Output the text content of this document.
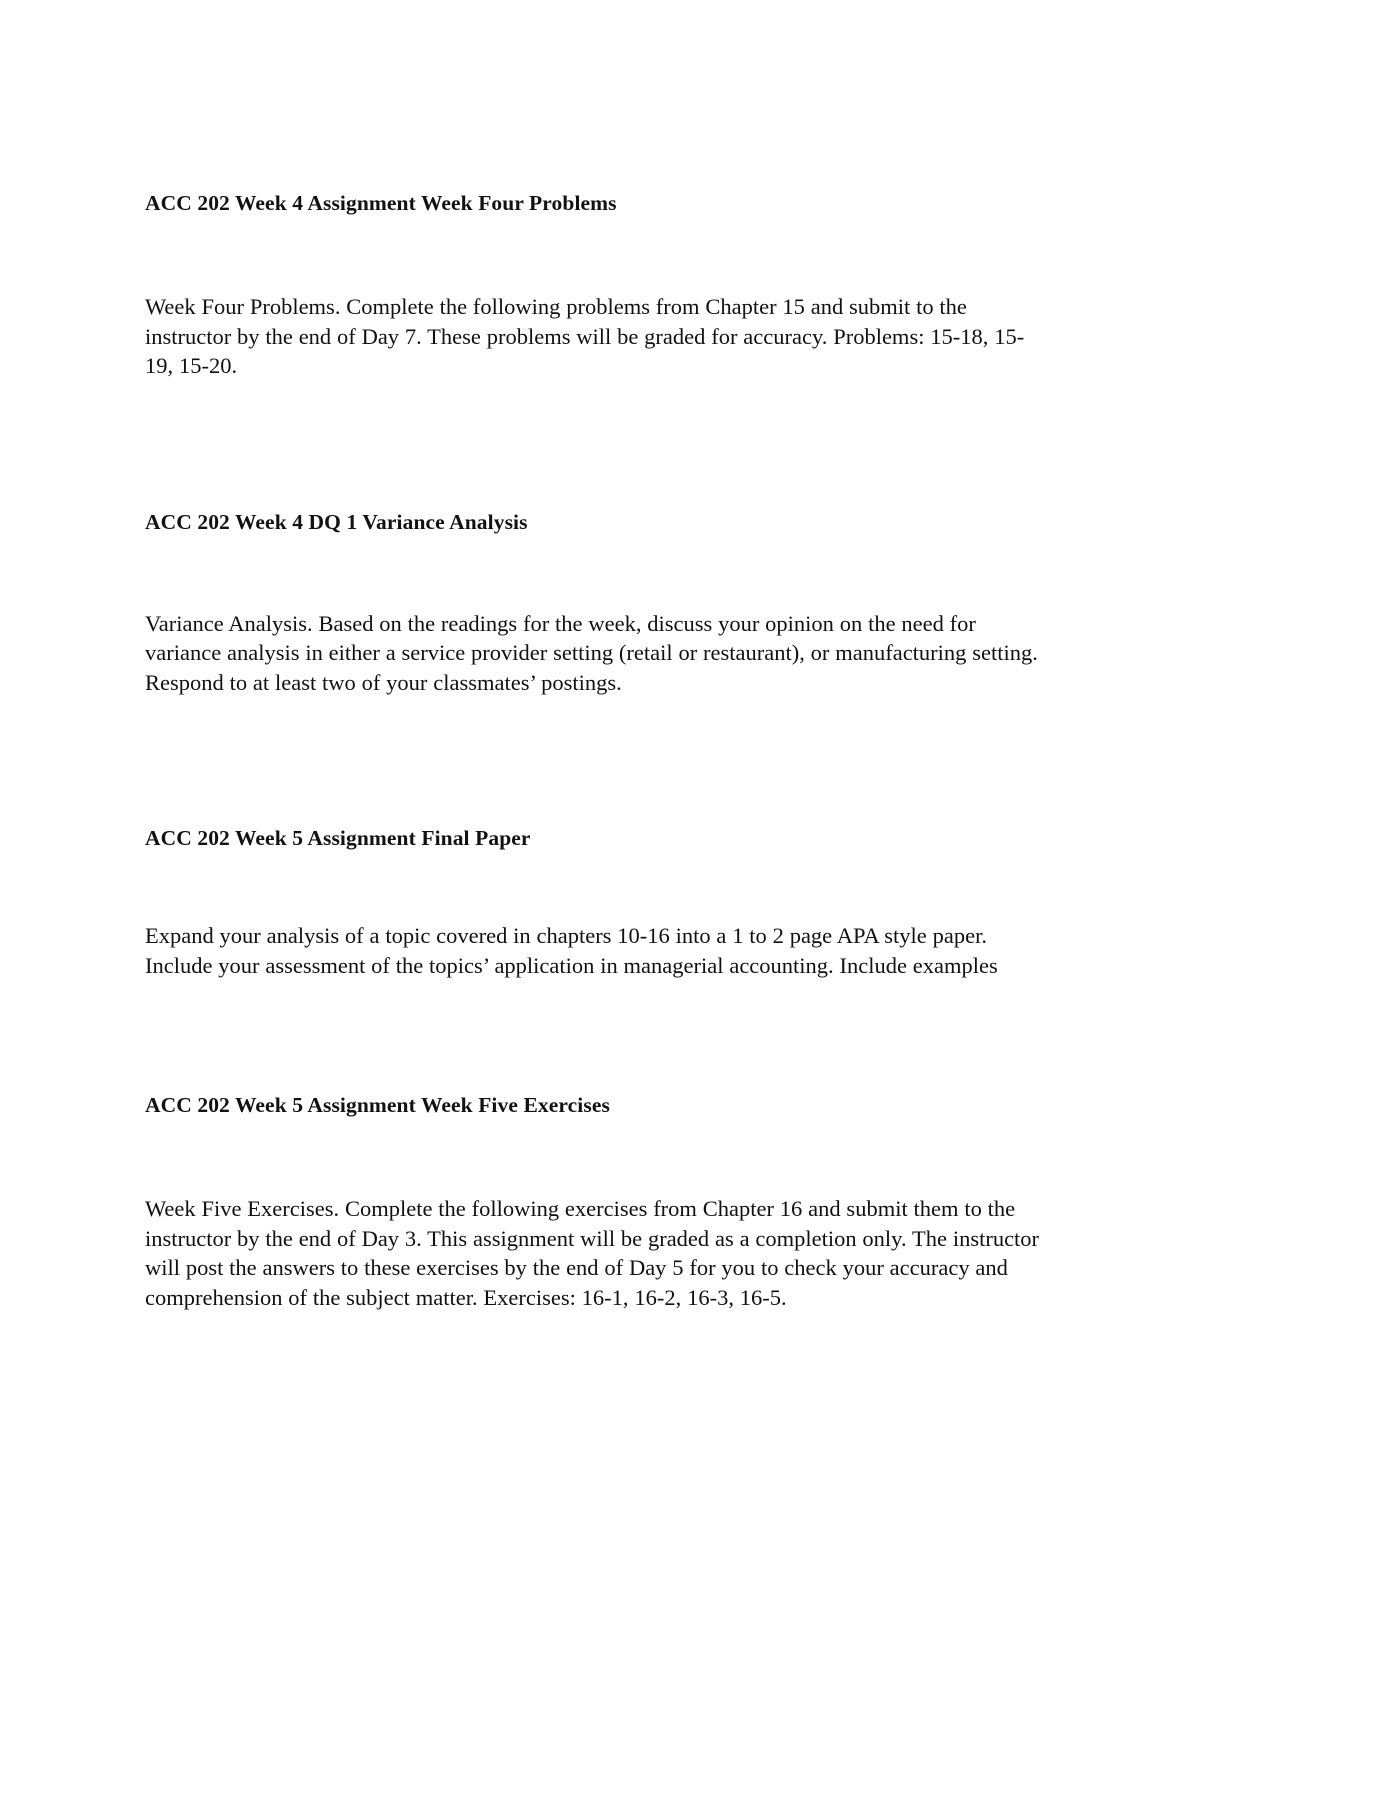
ACC 202 Week 4 Assignment Week Four Problems

Week Four Problems. Complete the following problems from Chapter 15 and submit to the instructor by the end of Day 7. These problems will be graded for accuracy. Problems: 15-18, 15-19, 15-20.

ACC 202 Week 4 DQ 1 Variance Analysis

Variance Analysis. Based on the readings for the week, discuss your opinion on the need for variance analysis in either a service provider setting (retail or restaurant), or manufacturing setting. Respond to at least two of your classmates’ postings.

ACC 202 Week 5 Assignment Final Paper

Expand your analysis of a topic covered in chapters 10-16 into a 1 to 2 page APA style paper. Include your assessment of the topics’ application in managerial accounting. Include examples

ACC 202 Week 5 Assignment Week Five Exercises

Week Five Exercises. Complete the following exercises from Chapter 16 and submit them to the instructor by the end of Day 3. This assignment will be graded as a completion only. The instructor will post the answers to these exercises by the end of Day 5 for you to check your accuracy and comprehension of the subject matter. Exercises: 16-1, 16-2, 16-3, 16-5.
